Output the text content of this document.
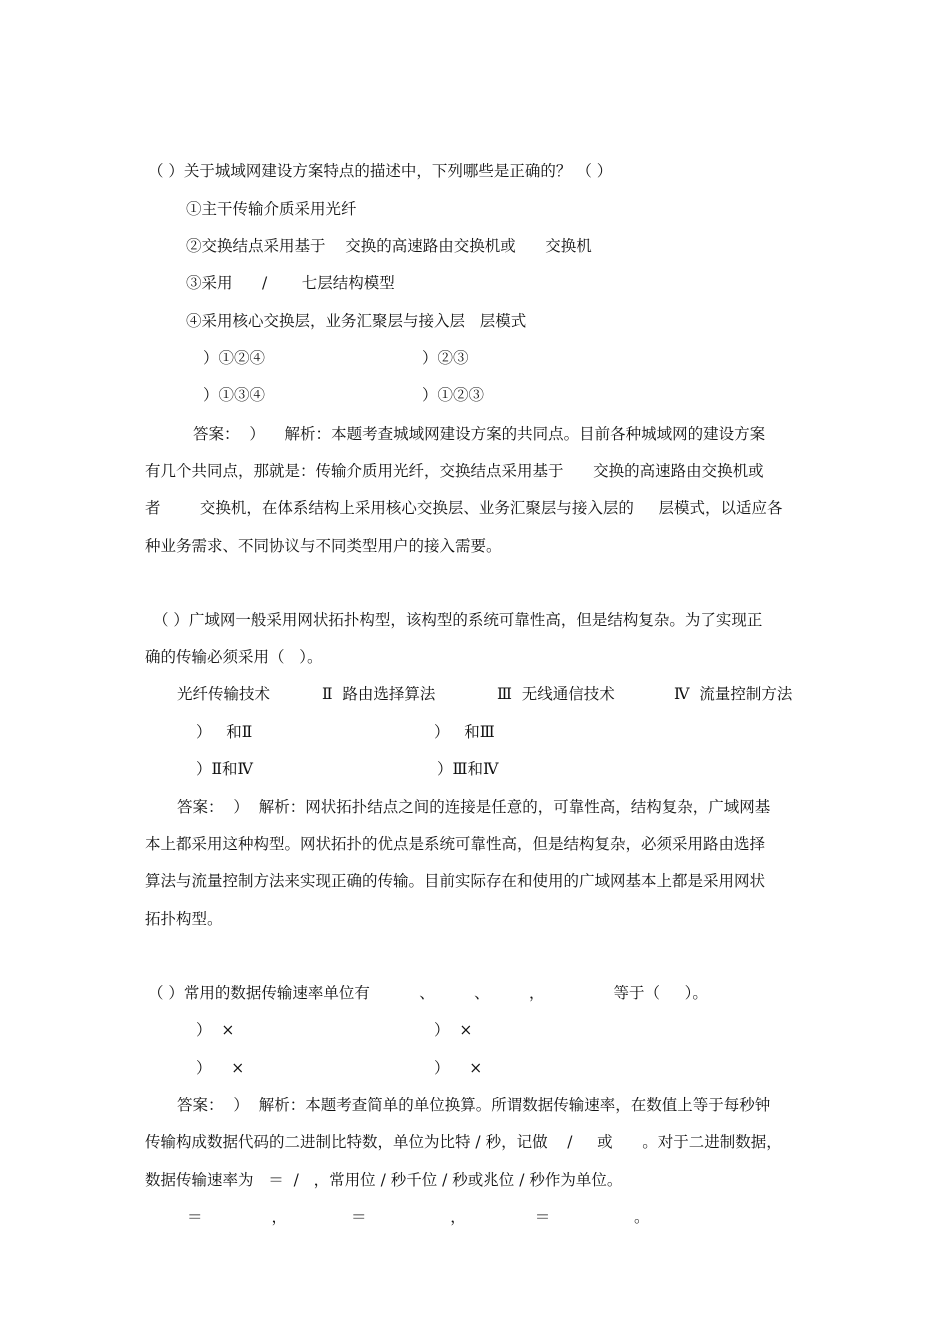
（ ）关于城域网建设方案特点的描述中，下列哪些是正确的？ （ ）
①主干传输介质采用光纤
②交换结点采用基于    交换的高速路由交换机或      交换机
③采用      /       七层结构模型
④采用核心交换层，业务汇聚层与接入层   层模式
）①②④	）②③
）①③④	）①②③
答案：  ）    解析：本题考查城域网建设方案的共同点。目前各种城域网的建设方案
有几个共同点，那就是：传输介质用光纤，交换结点采用基于      交换的高速路由交换机或
者        交换机，在体系结构上采用核心交换层、业务汇聚层与接入层的     层模式，以适应各
种业务需求、不同协议与不同类型用户的接入需要。
（ ）广域网一般采用网状拓扑构型，该构型的系统可靠性高，但是结构复杂。为了实现正
确的传输必须采用（   ）。
光纤传输技术	Ⅱ  路由选择算法	Ⅲ  无线通信技术	Ⅳ  流量控制方法
）   和Ⅱ	）   和Ⅲ
）Ⅱ和Ⅳ	）Ⅲ和Ⅳ
答案：  ）  解析：网状拓扑结点之间的连接是任意的，可靠性高，结构复杂，广域网基
本上都采用这种构型。网状拓扑的优点是系统可靠性高，但是结构复杂，必须采用路由选择
算法与流量控制方法来实现正确的传输。目前实际存在和使用的广域网基本上都是采用网状
拓扑构型。
（ ）常用的数据传输速率单位有          、        、        ，              等于（     ）。
）  ×	）  ×
）    ×	）    ×
答案：  ）  解析：本题考查简单的单位换算。所谓数据传输速率，在数值上等于每秒钟
传输构成数据代码的二进制比特数，单位为比特 / 秒，记做    /     或      。对于二进制数据，
数据传输速率为   ＝  /   ，常用位 / 秒千位 / 秒或兆位 / 秒作为单位。
＝              ，             ＝                 ，              ＝                 。
